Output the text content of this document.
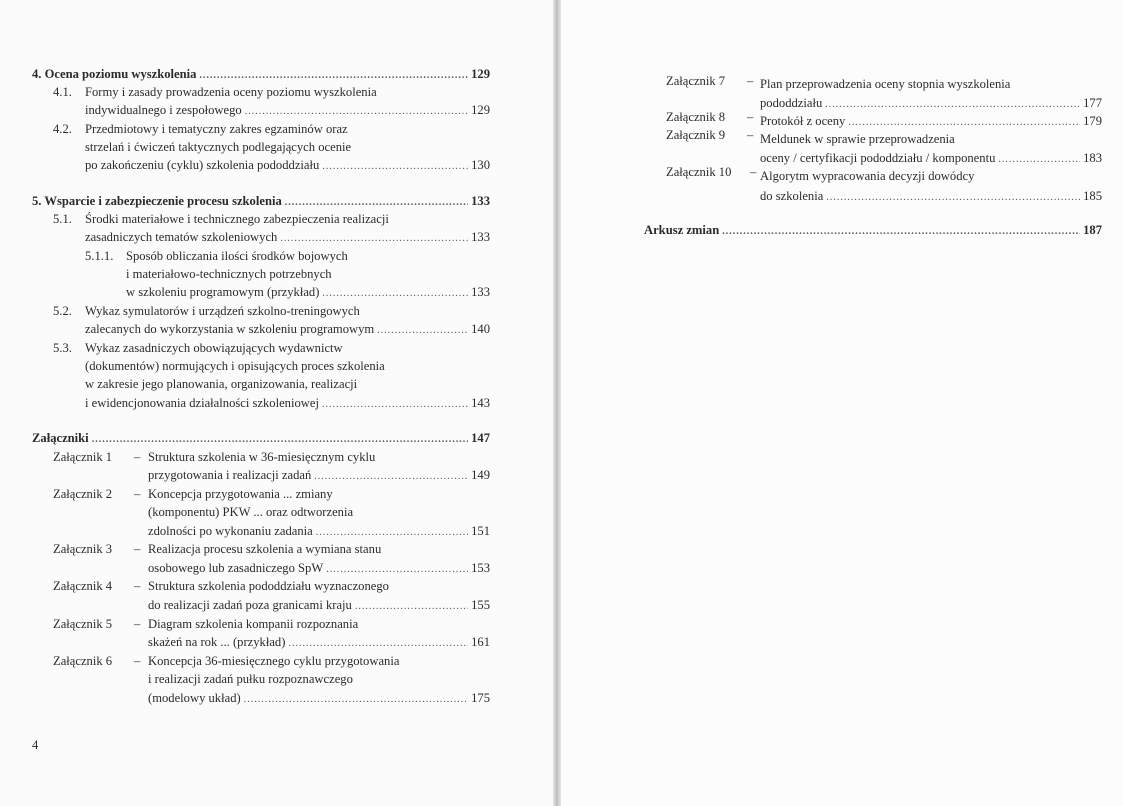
4. Ocena poziomu wyszkolenia .....	129
4.1. Formy i zasady prowadzenia oceny poziomu wyszkolenia
indywidualnego i zespołowego .....	129
4.2. Przedmiotowy i tematyczny zakres egzaminów oraz
strzelań i ćwiczeń taktycznych podlegających ocenie
po zakończeniu (cyklu) szkolenia pododdziału .....	130
5. Wsparcie i zabezpieczenie procesu szkolenia .....	133
5.1. Środki materiałowe i technicznego zabezpieczenia realizacji
zasadniczych tematów szkoleniowych .....	133
5.1.1. Sposób obliczania ilości środków bojowych
i materiałowo-technicznych potrzebnych
w szkoleniu programowym (przykład) .....	133
5.2. Wykaz symulatorów i urządzeń szkolno-treningowych
zalecanych do wykorzystania w szkoleniu programowym .....	140
5.3. Wykaz zasadniczych obowiązujących wydawnictw
(dokumentów) normujących i opisujących proces szkolenia
w zakresie jego planowania, organizowania, realizacji
i ewidencjonowania działalności szkoleniowej .....	143
Załączniki .....	147
Załącznik 1 – Struktura szkolenia w 36-miesięcznym cyklu
przygotowania i realizacji zadań .....	149
Załącznik 2 – Koncepcja przygotowania ... zmiany
(komponentu) PKW ... oraz odtworzenia
zdolności po wykonaniu zadania .....	151
Załącznik 3 – Realizacja procesu szkolenia a wymiana stanu
osobowego lub zasadniczego SpW .....	153
Załącznik 4 – Struktura szkolenia pododdziału wyznaczonego
do realizacji zadań poza granicami kraju .....	155
Załącznik 5 – Diagram szkolenia kompanii rozpoznania
skażeń na rok ... (przykład) .....	161
Załącznik 6 – Koncepcja 36-miesięcznego cyklu przygotowania
i realizacji zadań pułku rozpoznawczego
(modelowy układ) .....	175
4
Załącznik 7 – Plan przeprowadzenia oceny stopnia wyszkolenia
pododdziału .....	177
Załącznik 8 – Protokół z oceny .....	179
Załącznik 9 – Meldunek w sprawie przeprowadzenia
oceny / certyfikacji pododdziału / komponentu .....	183
Załącznik 10 – Algorytm wypracowania decyzji dowódcy
do szkolenia .....	185
Arkusz zmian .....	187
